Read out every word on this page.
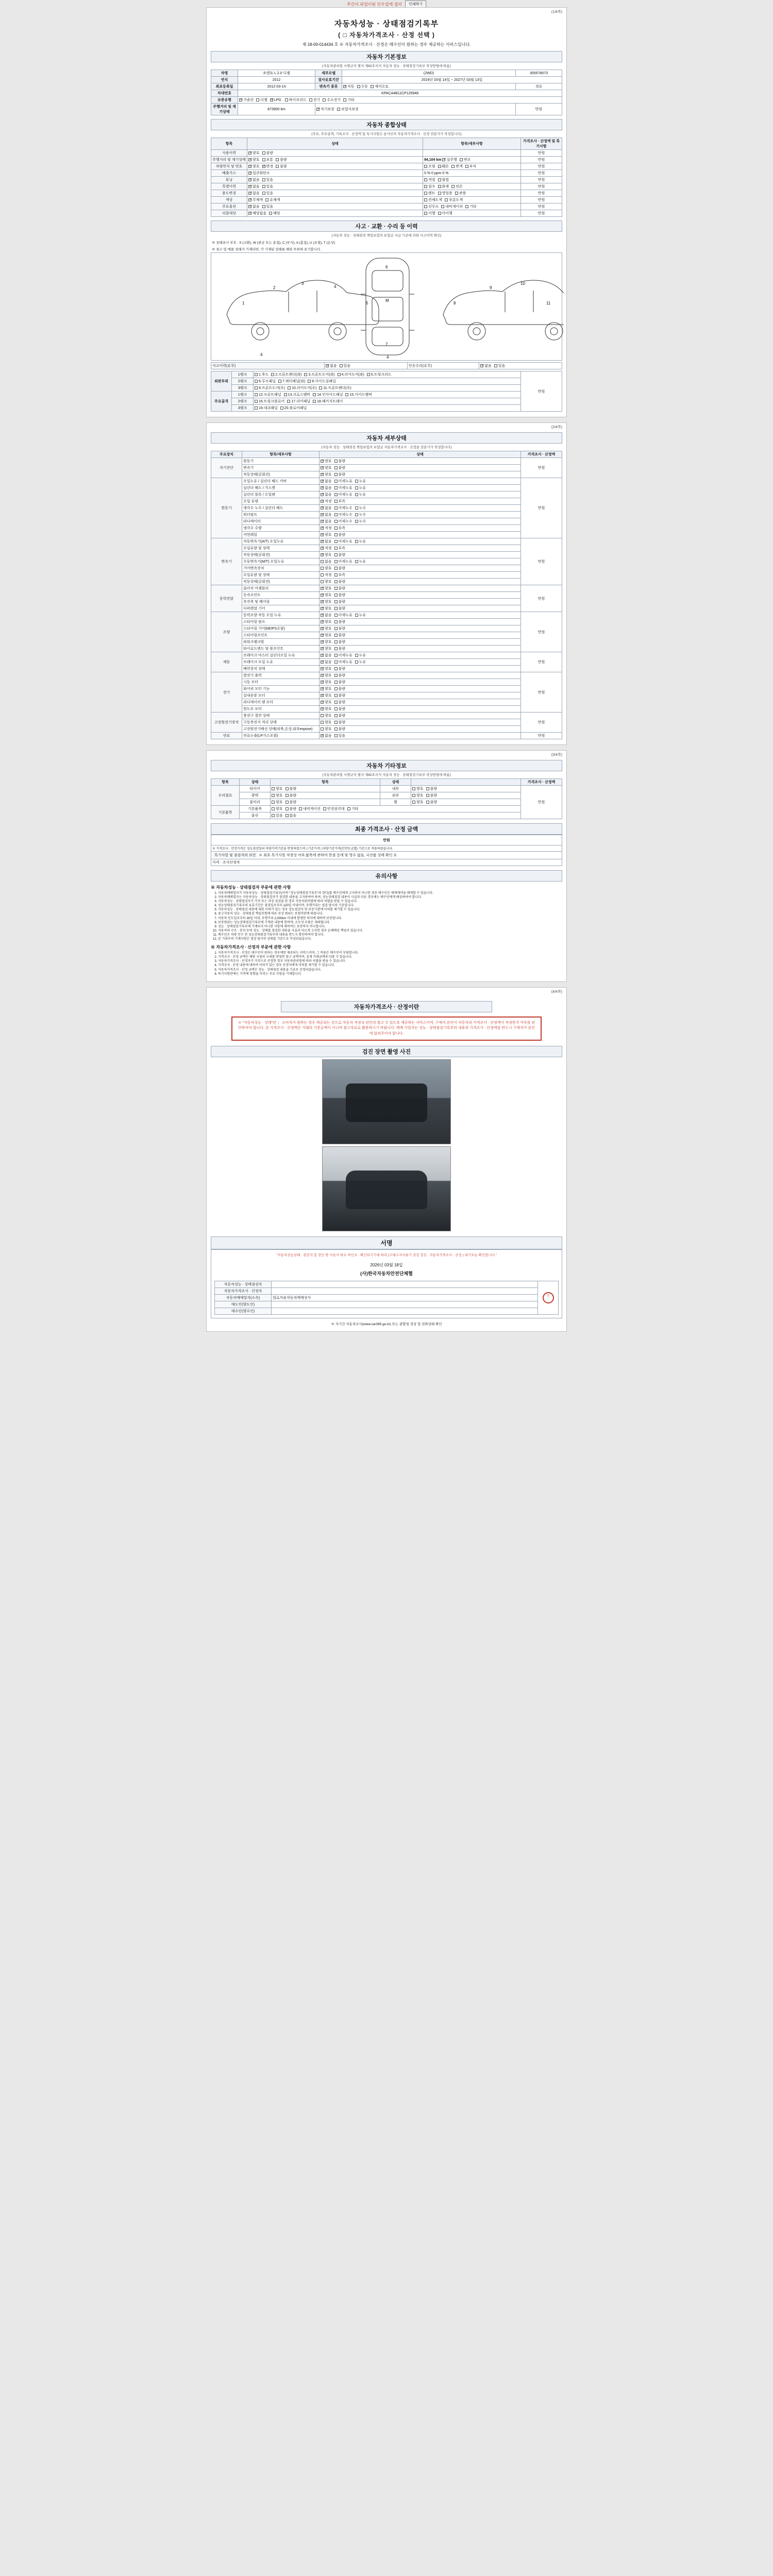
추간이 파업이된 인우업에 접의	인쇄하기
(1/4쪽)
자동차성능 · 상태점검기록부
( □ 자동차가격조사 · 산정 선택 )
제 18-00-014434 호 ※ 자동차가격조사 · 산정은 매수인이 원하는 경우 제공하는 서비스입니다.
자동차 기본정보
(자동차관리법 시행규칙 별지 제82호서식 자동차 성능 · 상태점검기록부 작성방법에 따름)
차명	쏘렌토 L 2.0 디젤	세부모델	(2WD)	305578073
연식	2012	검사유효기간	2019년 03월 14일 ~ 2027년 03월 13일	
최초등록일	2012-03-14	변속기 종류	✓자동 수동 세미오토	경유
차대번호	KPACA4B11CP125948			
보증유형	✓가솔린 디젤 ✓ LPG 하이브리드 전기 수소전기 기타
주행거리 및 계기상태	873900 km	✓자기보증 보험사보증		만원
자동차 종합상태
(주요, 주요골격, 기록조사 · 산정액 및 특기사항은 용사인의 자동차가격조사 · 산정 전문가가 작성합니다)
항목	상태	항목/세부사항	가격조사 · 산정액 및 특기사항
사용이력	✓양호 불량		만원
주행거리 및 계기상태	✓양호 보통 불량	94,104 km ✓ 실주행 변조	만원
차량연식 및 번호	✓양호 ✓ 변경 불량	오염 훼손 변색 부식	만원
배출가스	✓일산화탄소	0 % 0 ppm 0 %	만원
튜닝	✓없음 있음	적법 불법	만원
특별이력	✓없음 있음	침수 화재 전손	만원
용도변경	✓없음 있음	렌트 영업용 관용	만원
색상	✓무채색 유채색	전체도색 부분도색	만원
주요옵션	✓없음 있음	선루프 내비게이션 기타	만원
리콜대상	✓해당없음 해당	이행 미이행	만원
사고 · 교환 · 수리 등 이력
(자동차 성능 · 상태점검 책임보험의 보험금 지급 기준에 의한 사고이력 확인)
※ 상태표시 부호 : X (교환), W (판금 또는 용접), C (부식), A (흠집), U (요철), T (손상)
※ 침수 및 매몰 상태가 기재되면, 각 기재된 상태를 해당 부위에 표기합니다.
1
2
3
4
5
6
M
7
8
9
10
11
4
4
사고이력(유무)	✓없음 있음	단순수리(유무)	✓없음 있음
외판부위	1랭크	1.후드 2.프론트팬더(좌) 3.프론트도어(좌) 4.리어도어(좌) 5.트렁크리드	만원
	2랭크	6.루프패널 7.쿼터패널(좌) 8.사이드실패널	
	3랭크	9.프론트도어(우) 10.리어도어(우) 11.프론트팬더(우)	
주요골격	1랭크	12.프론트패널 13.크로스멤버 14.인사이드패널 15.사이드멤버	
	2랭크	16.트렁크플로어 17.리어패널 18.패키지트레이	
	3랭크	19.대쉬패널 20.플로어패널	
(2/4쪽)
자동차 세부상태
(자동차 성능 · 상태점검 책임보험의 보험금 자동차가격조사 · 산정을 전문가가 작성합니다)
주요장치	항목/세부사항	상태	가격조사 · 산정액
자기진단	원동기	✓양호 불량	만원
	변속기	✓양호 불량
	작동상태(공회전)	✓양호 불량
원동기	오일누유 / 실린더 헤드 커버	✓없음 미세누유 누유	만원
	실린더 헤드 / 가스켓	✓없음 미세누유 누유
	실린더 블록 / 오일팬	✓없음 미세누유 누유
	오일 유량	✓적정 부족
	냉각수 누수 / 실린더 헤드	✓없음 미세누수 누수
	워터펌프	✓없음 미세누수 누수
	라디에이터	✓없음 미세누수 누수
	냉각수 수량	✓적정 부족
	커먼레일	✓양호 불량
변속기	자동변속기(A/T) 오일누유	✓없음 미세누유 누유	만원
	오일유량 및 상태	✓적정 부족
	작동상태(공회전)	✓양호 불량
	수동변속기(M/T) 오일누유	없음 미세누유 누유	
	기어변속장치	양호 불량	
	오일유량 및 상태	적정 부족	
	작동상태(공회전)	양호 불량	
동력전달	클러치 어셈블리	✓양호 불량	만원
	등속조인트	✓양호 불량
	추진축 및 베어링	✓양호 불량
	디퍼렌셜 기어	✓양호 불량
조향	동력조향 작동 오일 누유	✓없음 미세누유 누유	만원
	스티어링 펌프	✓양호 불량
	스티어링 기어(MDPS포함)	✓양호 불량
	스티어링조인트	✓양호 불량
	파워크랭크암	✓양호 불량
	타이로드엔드 및 볼조인트	✓양호 불량
제동	브레이크 마스터 실린더오일 누유	✓없음 미세누유 누유	만원
	브레이크 오일 누유	✓없음 미세누유 누유
	배력장치 상태	✓양호 불량
전기	발전기 출력	✓양호 불량	만원
	시동 모터	✓양호 불량
	와이퍼 모터 기능	✓양호 불량
	실내송풍 모터	✓양호 불량
	라디에이터 팬 모터	✓양호 불량
	윈도우 모터	✓양호 불량
고전원전기장치	충전구 절연 상태	양호 불량	만원
	구동축전지 격리 상태	양호 불량	
	고전원전기배선 상태(피복,손상,외부expose)	양호 불량	
연료	연료누출(LP가스포함)	✓없음 있음	만원
(3/4쪽)
자동차 기타정보
(자동차관리법 시행규칙 별지 제82호서식 자동차 성능 · 상태점검기록부 작성방법에 따름)
항목	상태	항목	상태		가격조사 · 산정액
수리필요	타이어	양호 불량	내부	양호 불량	만원
	광택	양호 불량	외부	양호 불량	
	룸미러	양호 불량	휠	양호 불량	
기본품목	기본품목	양호 불량 내비게이션 안전삼각대 기타			
	옵션	있음 없음			
최종 가격조사 · 산정 금액
만원
※ 가격조사 · 산정가격은 성능점검일의 차량가격기준을 반영하였으며 □기준가격 □차량기준가격(안전등급별) 기준으로 적용하였습니다.
특기사항 및 점검자의 의견 ※ 최초 특기사항 적정성 여부,품목에 관하여 한점 등에 및 영수 없음, 국산품 상태 확인 요
가격 · 조사산정자
유의사항
※ 자동차성능 · 상태점검자 부문에 관한 사항
1. 자동차매매업자가 자동차성능 · 상태점검기록부(이하 "성능상태점검기록부"라 한다)를 매수인에게 고지하지 아니한 경우 매수인은 매매계약을 해제할 수 있습니다.
2. 자동차매매업자는 자동차성능 · 상태점검자가 점검한 내용을 고지하여야 하며, 성능상태점검 내용이 사실과 다른 경우에는 매수인에게 배상하여야 합니다.
3. 자동차성능 · 상태점검자가 거짓 또는 과장 점검을 한 경우 자동차관리법에 따라 처벌을 받을 수 있습니다.
4. 성능상태점검기록부의 유효기간은 점검일로부터 120일 이내이며, 주행거리는 점검 당시의 기준입니다.
5. 자동차성능 · 상태점검 내용에 대한 이의가 있는 경우 성능점검자 및 보증기관에 이의를 제기할 수 있습니다.
6. 중고자동차 성능 · 상태점검 책임보험에 따른 보상 범위는 보험약관에 따릅니다.
7. 자동차 인도일로부터 30일 이내, 주행거리 2,000km 이내에 발생한 하자에 대하여 보증합니다.
8. 보증범위는 성능상태점검기록부에 기재된 내용에 한하며, 소모성 부품은 제외됩니다.
9. 성능 · 상태점검기록부에 기재되지 아니한 사항에 대하여는 보증하지 아니합니다.
10. 자동차의 구조 · 장치 등의 성능 · 상태를 점검한 내용을 사실과 다르게 고지한 경우 손해배상 책임이 있습니다.
11. 매수인은 차량 인수 전 성능상태점검기록부의 내용을 반드시 확인하여야 합니다.
12. 본 기록부의 기재사항은 점검 당시의 상태를 기준으로 작성되었습니다.
※ 자동차가격조사 · 산정자 부문에 관한 사항
1. 자동차가격조사 · 산정은 매수인이 원하는 경우에만 제공되는 서비스이며, 그 비용은 매수인이 부담합니다.
2. 가격조사 · 산정 금액은 해당 시점의 시세를 반영한 참고 금액이며, 실제 거래금액과 다를 수 있습니다.
3. 자동차가격조사 · 산정자가 거짓으로 산정한 경우 자동차관리법에 따라 처벌을 받을 수 있습니다.
4. 가격조사 · 산정 내용에 대하여 이의가 있는 경우 산정자에게 이의를 제기할 수 있습니다.
5. 자동차가격조사 · 산정 금액은 성능 · 상태점검 내용을 기초로 산정되었습니다.
6. 특기사항란에는 가격에 영향을 미치는 주요 사항을 기재합니다.
(4/4쪽)
자동차가격조사 · 산정이란
※ "자동차성능 · 상태"란 」 소비자가 원하는 경우 제공되는 것으로 자동차 적정성 판단의 참고 수 있도록 제공하는 서비스이며, 구매자 본인이 자동차의 가격조사 · 산정액이 적정한지 여부를 판단하여야 합니다. 본 가격조사 · 산정액은 거래의 기준금액이 아니며 참고자료로 활용하시기 바랍니다. 매매 사업자는 성능 · 상태점검기록부의 내용과 가격조사 · 산정액을 반드시 구매자가 본인에 알려주어야 합니다.
검진 장면 촬영 사진
서명
"자동차성능상태 · 점검자 및 검인 받 사용자 하소 파인조 · 확인되기기에 따라 (구매고지서류가 검검 정검 · 자동차가격조사 · 산정 ) 내기오늘 확인합니다."
2026년 03월 18일
(사)한국자동차안전단체협
자동차성능 · 상태점검자		인
자동차가격조사 · 산정자		
자동차매매업자(소속)	업로카뷰자동차매매상사	
매도인(양도인)		
매수인(양수인)		
※ 자기간 자동차조사(www.car365.go.kr) 또는 관할청 검상 및 전화상태 확인
